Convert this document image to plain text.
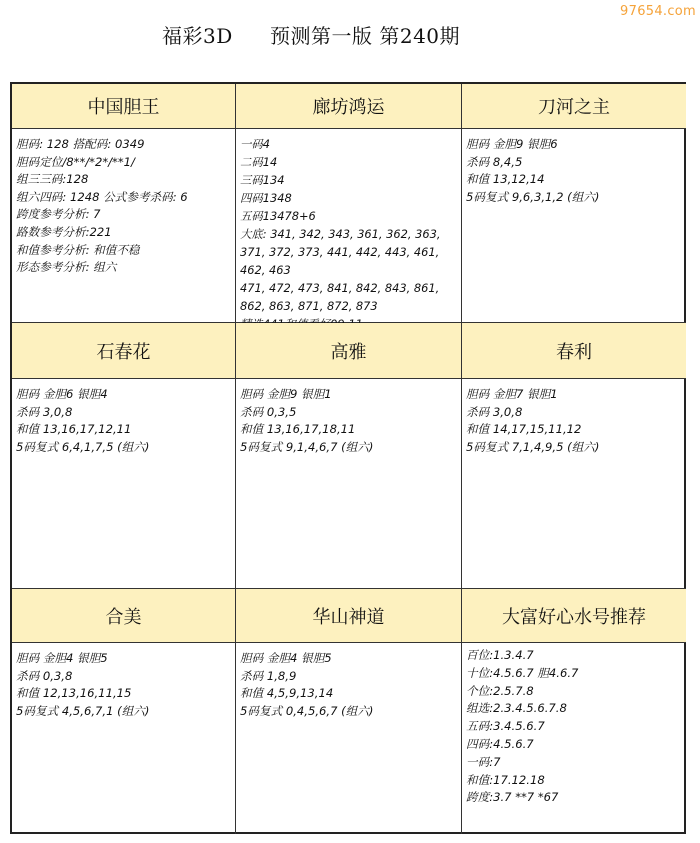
福彩3D 预测第一版 第240期
97654.com
中国胆王	廊坊鸿运	刀河之主
胆码: 128 搭配码: 0349
胆码定位/8**/*2*/**1/
组三三码:128
组六四码: 1248 公式参考杀码: 6
跨度参考分析: 7
路数参考分析:221
和值参考分析: 和值不稳
形态参考分析: 组六
一码4
二码14
三码134
四码1348
五码13478+6
大底: 341, 342, 343, 361, 362, 363, 371, 372, 373, 441, 442, 443, 461, 462, 463
471, 472, 473, 841, 842, 843, 861, 862, 863, 871, 872, 873
胆码 金胆9 银胆6
杀码 8,4,5
和值 13,12,14
5码复式 9,6,3,1,2 (组六)
石春花	高雅	春利
胆码 金胆6 银胆4
杀码 3,0,8
和值 13,16,17,12,11
5码复式 6,4,1,7,5 (组六)
胆码 金胆9 银胆1
杀码 0,3,5
和值 13,16,17,18,11
5码复式 9,1,4,6,7 (组六)
胆码 金胆7 银胆1
杀码 3,0,8
和值 14,17,15,11,12
5码复式 7,1,4,9,5 (组六)
合美	华山神道	大富好心水号推荐
胆码 金胆4 银胆5
杀码 0,3,8
和值 12,13,16,11,15
5码复式 4,5,6,7,1 (组六)
胆码 金胆4 银胆5
杀码 1,8,9
和值 4,5,9,13,14
5码复式 0,4,5,6,7 (组六)
百位:1.3.4.7
十位:4.5.6.7 胆4.6.7
个位:2.5.7.8
组选:2.3.4.5.6.7.8
五码:3.4.5.6.7
四码:4.5.6.7
一码:7
和值:17.12.18
跨度:3.7 **7 *67
